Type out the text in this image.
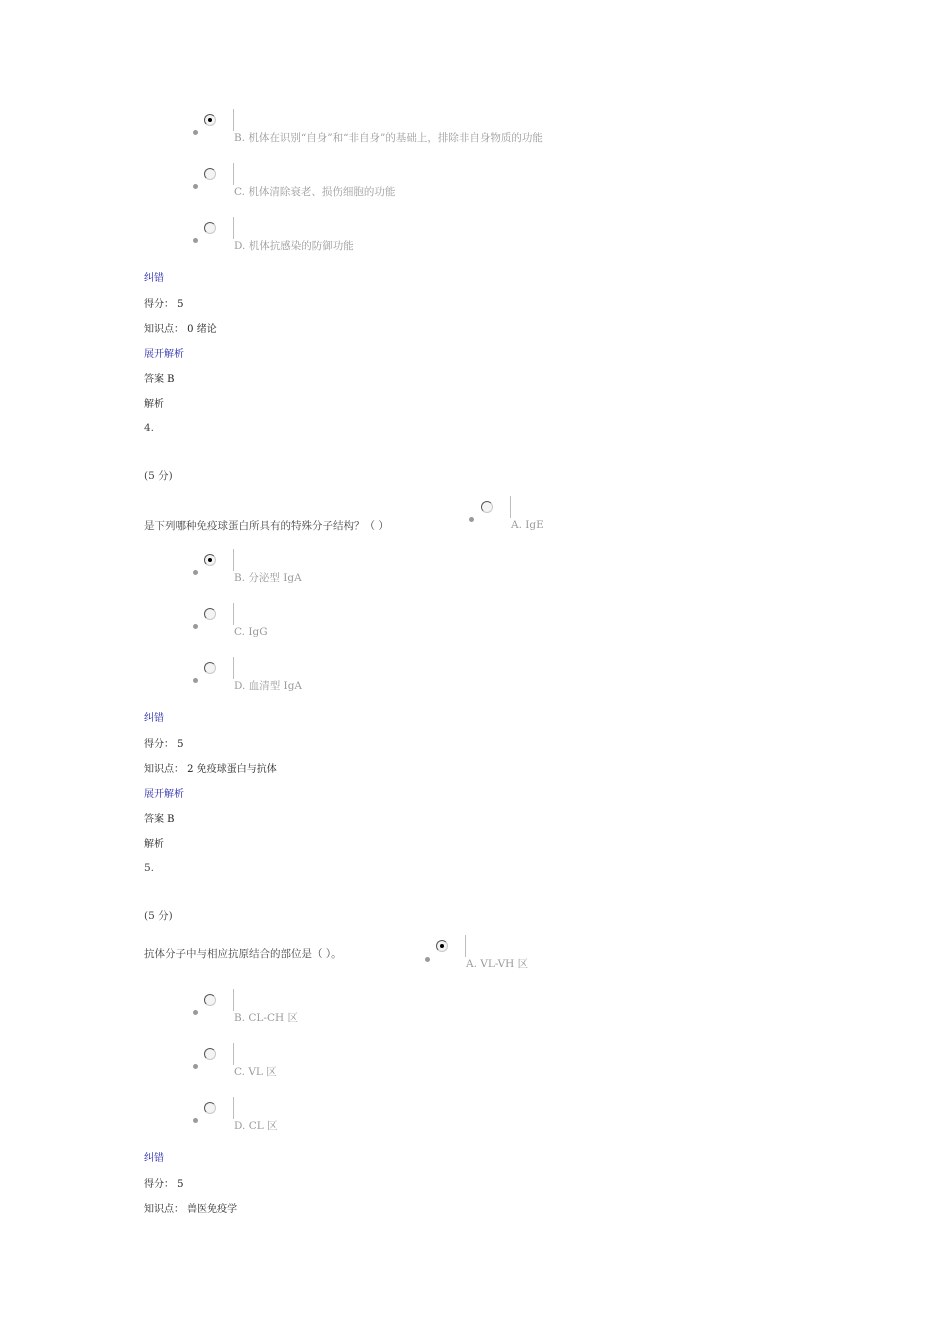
B. 机体在识别“自身”和“非自身”的基础上，排除非自身物质的功能
C. 机体清除衰老、损伤细胞的功能
D. 机体抗感染的防御功能
纠错
得分： 5
知识点： 0 绪论
展开解析
答案 B
解析
4.
(5 分)
是下列哪种免疫球蛋白所具有的特殊分子结构？（ ）	A. IgE
B. 分泌型 IgA
C. IgG
D. 血清型 IgA
纠错
得分： 5
知识点： 2 免疫球蛋白与抗体
展开解析
答案 B
解析
5.
(5 分)
抗体分子中与相应抗原结合的部位是（ ）。
A. VL-VH 区
B. CL-CH 区
C. VL 区
D. CL 区
纠错
得分： 5
知识点： 兽医免疫学
